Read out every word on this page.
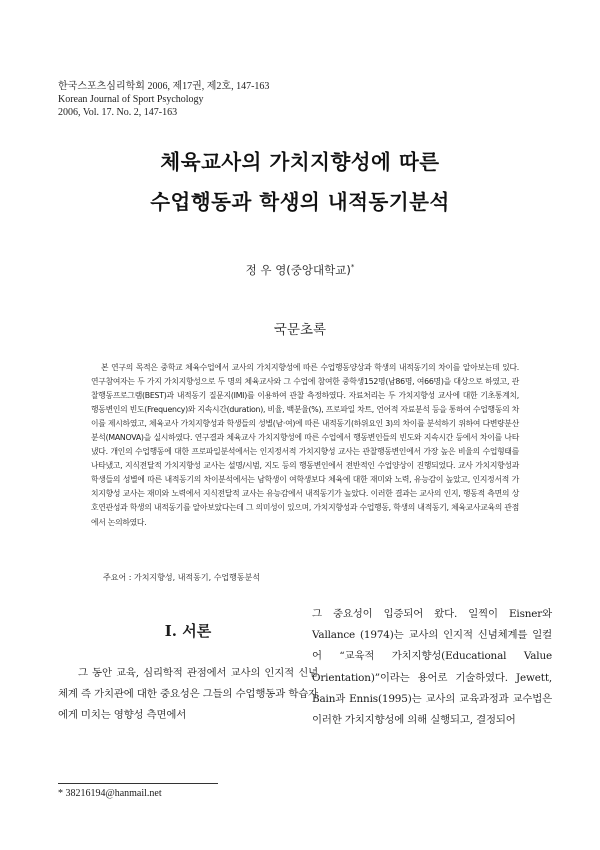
한국스포츠심리학회 2006, 제17권, 제2호, 147-163
Korean Journal of Sport Psychology
2006, Vol. 17. No. 2, 147-163
체육교사의 가치지향성에 따른
수업행동과 학생의 내적동기분석
정 우 영(중앙대학교)*
국문초록

본 연구의 목적은 중학교 체육수업에서 교사의 가치지향성에 따른 수업행동양상과 학생의 내적동기의 차이를 알아보는데 있다. 연구참여자는 두 가지 가치지향성으로 두 명의 체육교사와 그 수업에 참여한 중학생152명(남86명, 여66명)을 대상으로 하였고, 관찰행동프로그램(BEST)과 내적동기 질문지(IMI)를 이용하여 관찰 측정하였다. 자료처리는 두 가치지향성 교사에 대한 기초통계치, 행동변인의 빈도(Frequency)와 지속시간(duration), 비율, 백분율(%), 프로파일 차트, 언어적 자료분석 등을 통하여 수업행동의 차이를 제시하였고, 체육교사 가치지향성과 학생들의 성별(남·여)에 따른 내적동기(하위요인 3)의 차이를 분석하기 위하여 다변량분산분석(MANOVA)을 실시하였다. 연구결과 체육교사 가치지향성에 따른 수업에서 행동변인들의 빈도와 지속시간 등에서 차이를 나타냈다. 개인의 수업행동에 대한 프로파일분석에서는 인지정서적 가치지향성 교사는 관찰행동변인에서 가장 높은 비율의 수업형태를 나타냈고, 지식전달적 가치지향성 교사는 설명/시범, 지도 등의 행동변인에서 전반적인 수업양상이 진행되었다. 교사 가치지향성과 학생들의 성별에 따른 내적동기의 차이분석에서는 남학생이 여학생보다 체육에 대한 재미와 노력, 유능감이 높았고, 인지정서적 가치지향성 교사는 재미와 노력에서 지식전달적 교사는 유능감에서 내적동기가 높았다. 이러한 결과는 교사의 인지, 행동적 측면의 상호연관성과 학생의 내적동기를 알아보았다는데 그 의미성이 있으며, 가치지향성과 수업행동, 학생의 내적동기, 체육교사교육의 관점에서 논의하였다.

주요어 : 가치지향성, 내적동기, 수업행동분석
Ⅰ. 서론

그 동안 교육, 심리학적 관점에서 교사의 인지적 신념체계 즉 가치관에 대한 중요성은 그들의 수업행동과 학습자에게 미치는 영향성 측면에서

그 중요성이 입증되어 왔다. 일찍이 Eisner와 Vallance (1974)는 교사의 인지적 신념체계를 일컬어 “교육적 가치지향성(Educational Value Orientation)”이라는 용어로 기술하였다. Jewett, Bain과 Ennis(1995)는 교사의 교육과정과 교수법은 이러한 가치지향성에 의해 실행되고, 결정되어

* 38216194@hanmail.net
